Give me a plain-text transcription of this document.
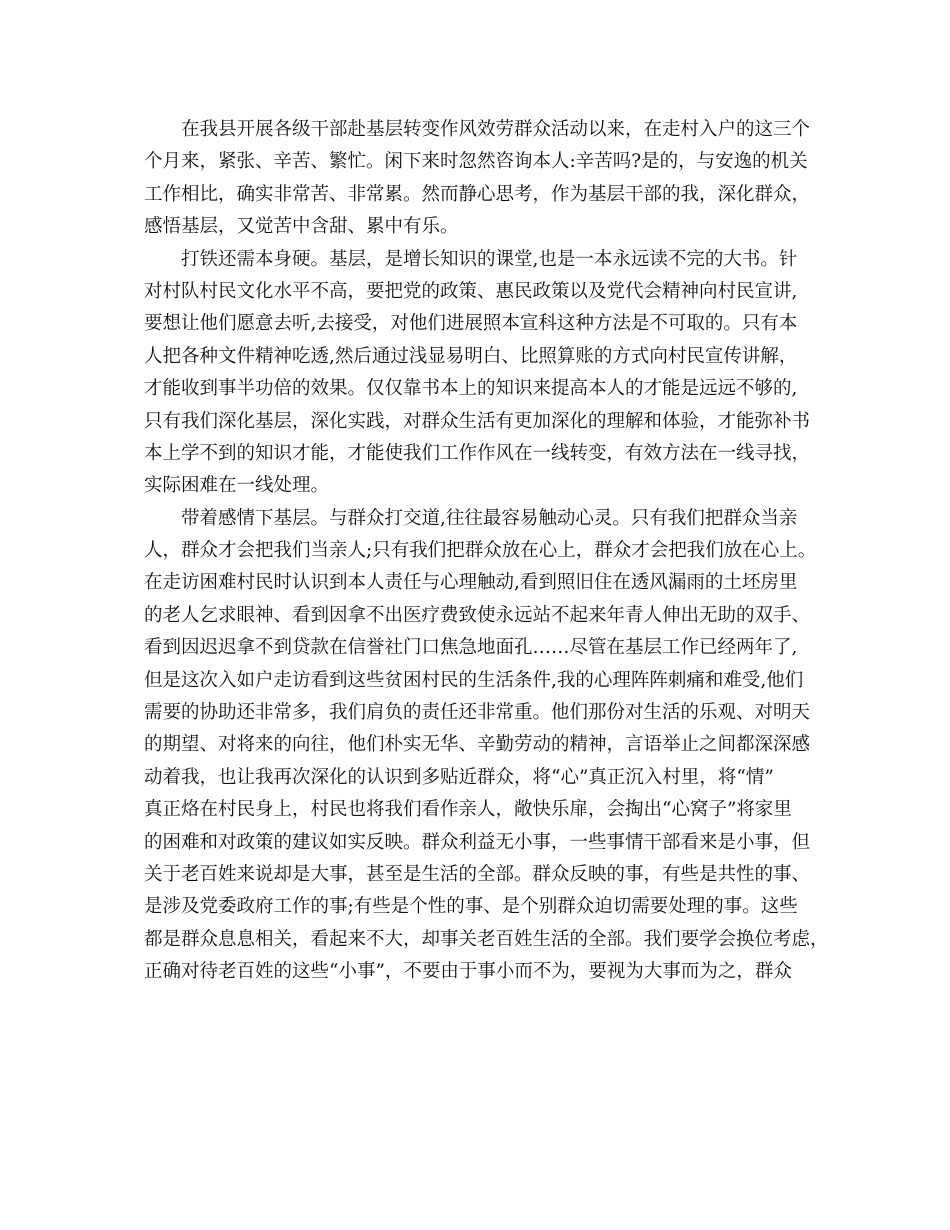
在我县开展各级干部赴基层转变作风效劳群众活动以来，在走村入户的这三个
个月来，紧张、辛苦、繁忙。闲下来时忽然咨询本人:辛苦吗?是的，与安逸的机关
工作相比，确实非常苦、非常累。然而静心思考，作为基层干部的我，深化群众，
感悟基层，又觉苦中含甜、累中有乐。
打铁还需本身硬。基层，是增长知识的课堂,也是一本永远读不完的大书。针
对村队村民文化水平不高，要把党的政策、惠民政策以及党代会精神向村民宣讲,
要想让他们愿意去听,去接受，对他们进展照本宣科这种方法是不可取的。只有本
人把各种文件精神吃透,然后通过浅显易明白、比照算账的方式向村民宣传讲解，
才能收到事半功倍的效果。仅仅靠书本上的知识来提高本人的才能是远远不够的,
只有我们深化基层，深化实践，对群众生活有更加深化的理解和体验，才能弥补书
本上学不到的知识才能，才能使我们工作作风在一线转变，有效方法在一线寻找，
实际困难在一线处理。
带着感情下基层。与群众打交道,往往最容易触动心灵。只有我们把群众当亲
人，群众才会把我们当亲人;只有我们把群众放在心上，群众才会把我们放在心上。
在走访困难村民时认识到本人责任与心理触动,看到照旧住在透风漏雨的土坯房里
的老人乞求眼神、看到因拿不出医疗费致使永远站不起来年青人伸出无助的双手、
看到因迟迟拿不到贷款在信誉社门口焦急地面孔……尽管在基层工作已经两年了,
但是这次入如户走访看到这些贫困村民的生活条件,我的心理阵阵刺痛和难受,他们
需要的协助还非常多，我们肩负的责任还非常重。他们那份对生活的乐观、对明天
的期望、对将来的向往，他们朴实无华、辛勤劳动的精神，言语举止之间都深深感
动着我，也让我再次深化的认识到多贴近群众，将“心”真正沉入村里，将“情”
真正烙在村民身上，村民也将我们看作亲人，敞快乐扉，会掏出“心窝子”将家里
的困难和对政策的建议如实反映。群众利益无小事，一些事情干部看来是小事，但
关于老百姓来说却是大事，甚至是生活的全部。群众反映的事，有些是共性的事、
是涉及党委政府工作的事;有些是个性的事、是个别群众迫切需要处理的事。这些
都是群众息息相关，看起来不大，却事关老百姓生活的全部。我们要学会换位考虑，
正确对待老百姓的这些“小事”，不要由于事小而不为，要视为大事而为之，群众
